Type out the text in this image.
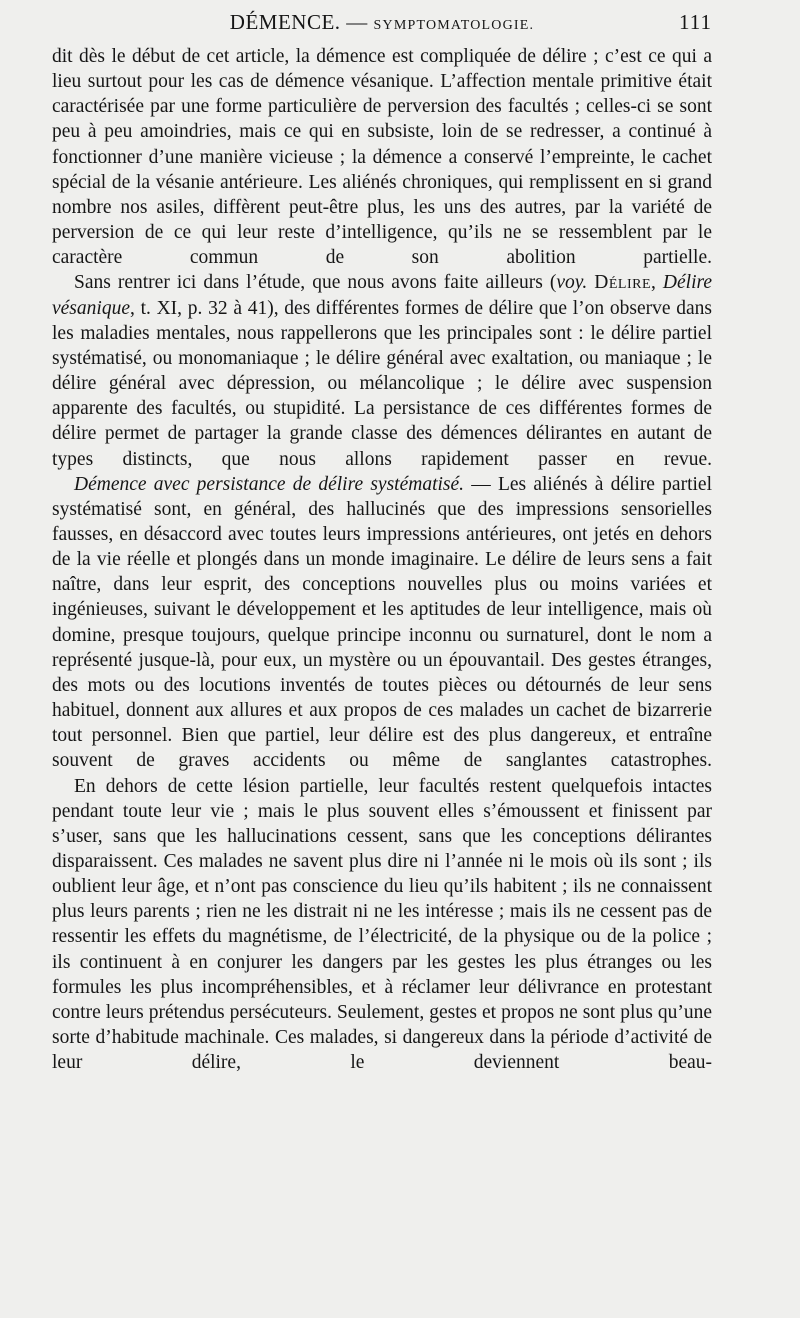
DÉMENCE. — SYMPTOMATOLOGIE.	111

dit dès le début de cet article, la démence est compliquée de délire ; c’est ce qui a lieu surtout pour les cas de démence vésanique. L’affection mentale primitive était caractérisée par une forme particulière de perversion des facultés ; celles-ci se sont peu à peu amoindries, mais ce qui en subsiste, loin de se redresser, a continué à fonctionner d’une manière vicieuse ; la démence a conservé l’empreinte, le cachet spécial de la vésanie antérieure. Les aliénés chroniques, qui remplissent en si grand nombre nos asiles, diffèrent peut-être plus, les uns des autres, par la variété de perversion de ce qui leur reste d’intelligence, qu’ils ne se ressemblent par le caractère commun de son abolition partielle.

Sans rentrer ici dans l’étude, que nous avons faite ailleurs (voy. Délire, Délire vésanique, t. XI, p. 32 à 41), des différentes formes de délire que l’on observe dans les maladies mentales, nous rappellerons que les principales sont : le délire partiel systématisé, ou monomaniaque ; le délire général avec exaltation, ou maniaque ; le délire général avec dépression, ou mélancolique ; le délire avec suspension apparente des facultés, ou stupidité. La persistance de ces différentes formes de délire permet de partager la grande classe des démences délirantes en autant de types distincts, que nous allons rapidement passer en revue.

Démence avec persistance de délire systématisé. — Les aliénés à délire partiel systématisé sont, en général, des hallucinés que des impressions sensorielles fausses, en désaccord avec toutes leurs impressions antérieures, ont jetés en dehors de la vie réelle et plongés dans un monde imaginaire. Le délire de leurs sens a fait naître, dans leur esprit, des conceptions nouvelles plus ou moins variées et ingénieuses, suivant le développement et les aptitudes de leur intelligence, mais où domine, presque toujours, quelque principe inconnu ou surnaturel, dont le nom a représenté jusque-là, pour eux, un mystère ou un épouvantail. Des gestes étranges, des mots ou des locutions inventés de toutes pièces ou détournés de leur sens habituel, donnent aux allures et aux propos de ces malades un cachet de bizarrerie tout personnel. Bien que partiel, leur délire est des plus dangereux, et entraîne souvent de graves accidents ou même de sanglantes catastrophes.

En dehors de cette lésion partielle, leur facultés restent quelquefois intactes pendant toute leur vie ; mais le plus souvent elles s’émoussent et finissent par s’user, sans que les hallucinations cessent, sans que les conceptions délirantes disparaissent. Ces malades ne savent plus dire ni l’année ni le mois où ils sont ; ils oublient leur âge, et n’ont pas conscience du lieu qu’ils habitent ; ils ne connaissent plus leurs parents ; rien ne les distrait ni ne les intéresse ; mais ils ne cessent pas de ressentir les effets du magnétisme, de l’électricité, de la physique ou de la police ; ils continuent à en conjurer les dangers par les gestes les plus étranges ou les formules les plus incompréhensibles, et à réclamer leur délivrance en protestant contre leurs prétendus persécuteurs. Seulement, gestes et propos ne sont plus qu’une sorte d’habitude machinale. Ces malades, si dangereux dans la période d’activité de leur délire, le deviennent beau-
